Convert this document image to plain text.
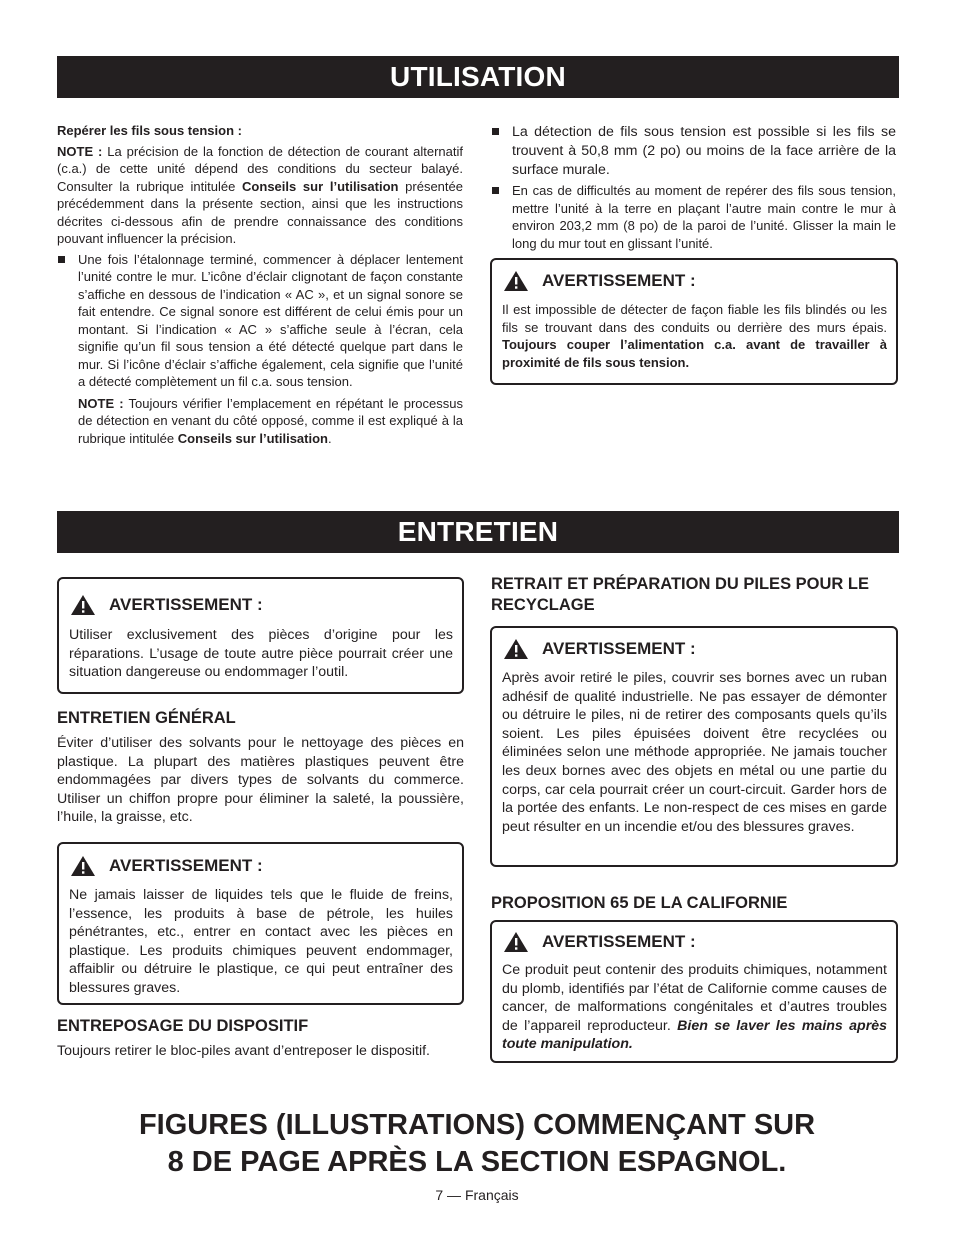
UTILISATION
Repérer les fils sous tension :

NOTE : La précision de la fonction de détection de courant alternatif (c.a.) de cette unité dépend des conditions du secteur balayé. Consulter la rubrique intitulée Conseils sur l’utilisation présentée précédemment dans la présente section, ainsi que les instructions décrites ci-dessous afin de prendre connaissance des conditions pouvant influencer la précision.

Une fois l’étalonnage terminé, commencer à déplacer lentement l’unité contre le mur. L’icône d’éclair clignotant de façon constante s’affiche en dessous de l’indication « AC », et un signal sonore se fait entendre. Ce signal sonore est différent de celui émis pour un montant. Si l’indication « AC » s’affiche seule à l’écran, cela signifie qu’un fil sous tension a été détecté quelque part dans le mur. Si l’icône d’éclair s’affiche également, cela signifie que l’unité a détecté complètement un fil c.a. sous tension.

NOTE : Toujours vérifier l’emplacement en répétant le processus de détection en venant du côté opposé, comme il est expliqué à la rubrique intitulée Conseils sur l’utilisation.

La détection de fils sous tension est possible si les fils se trouvent à 50,8 mm (2 po) ou moins de la face arrière de la surface murale.

En cas de difficultés au moment de repérer des fils sous tension, mettre l’unité à la terre en plaçant l’autre main contre le mur à environ 203,2 mm (8 po) de la paroi de l’unité. Glisser la main le long du mur tout en glissant l’unité.

AVERTISSEMENT :

Il est impossible de détecter de façon fiable les fils blindés ou les fils se trouvant dans des conduits ou derrière des murs épais. Toujours couper l’alimentation c.a. avant de travailler à proximité de fils sous tension.

ENTRETIEN
AVERTISSEMENT :

Utiliser exclusivement des pièces d’origine pour les réparations. L’usage de toute autre pièce pourrait créer une situation dangereuse ou endommager l’outil.

ENTRETIEN GÉNÉRAL

Éviter d’utiliser des solvants pour le nettoyage des pièces en plastique. La plupart des matières plastiques peuvent être endommagées par divers types de solvants du commerce. Utiliser un chiffon propre pour éliminer la saleté, la poussière, l’huile, la graisse, etc.

AVERTISSEMENT :

Ne jamais laisser de liquides tels que le fluide de freins, l’essence, les produits à base de pétrole, les huiles pénétrantes, etc., entrer en contact avec les pièces en plastique. Les produits chimiques peuvent endommager, affaiblir ou détruire le plastique, ce qui peut entraîner des blessures graves.

ENTREPOSAGE DU DISPOSITIF

Toujours retirer le bloc-piles avant d’entreposer le dispositif.

RETRAIT ET PRÉPARATION DU PILES POUR LE RECYCLAGE
AVERTISSEMENT :

Après avoir retiré le piles, couvrir ses bornes avec un ruban adhésif de qualité industrielle. Ne pas essayer de démonter ou détruire le piles, ni de retirer des composants quels qu’ils soient. Les piles épuisées doivent être recyclées ou éliminées selon une méthode appropriée. Ne jamais toucher les deux bornes avec des objets en métal ou une partie du corps, car cela pourrait créer un court-circuit. Garder hors de la portée des enfants. Le non-respect de ces mises en garde peut résulter en un incendie et/ou des blessures graves.

PROPOSITION 65 DE LA CALIFORNIE
AVERTISSEMENT :

Ce produit peut contenir des produits chimiques, notamment du plomb, identifiés par l’état de Californie comme causes de cancer, de malformations congénitales et d’autres troubles de l’appareil reproducteur. Bien se laver les mains après toute manipulation.

FIGURES (ILLUSTRATIONS) COMMENÇANT SUR
8 DE PAGE APRÈS LA SECTION ESPAGNOL.
7 — Français
